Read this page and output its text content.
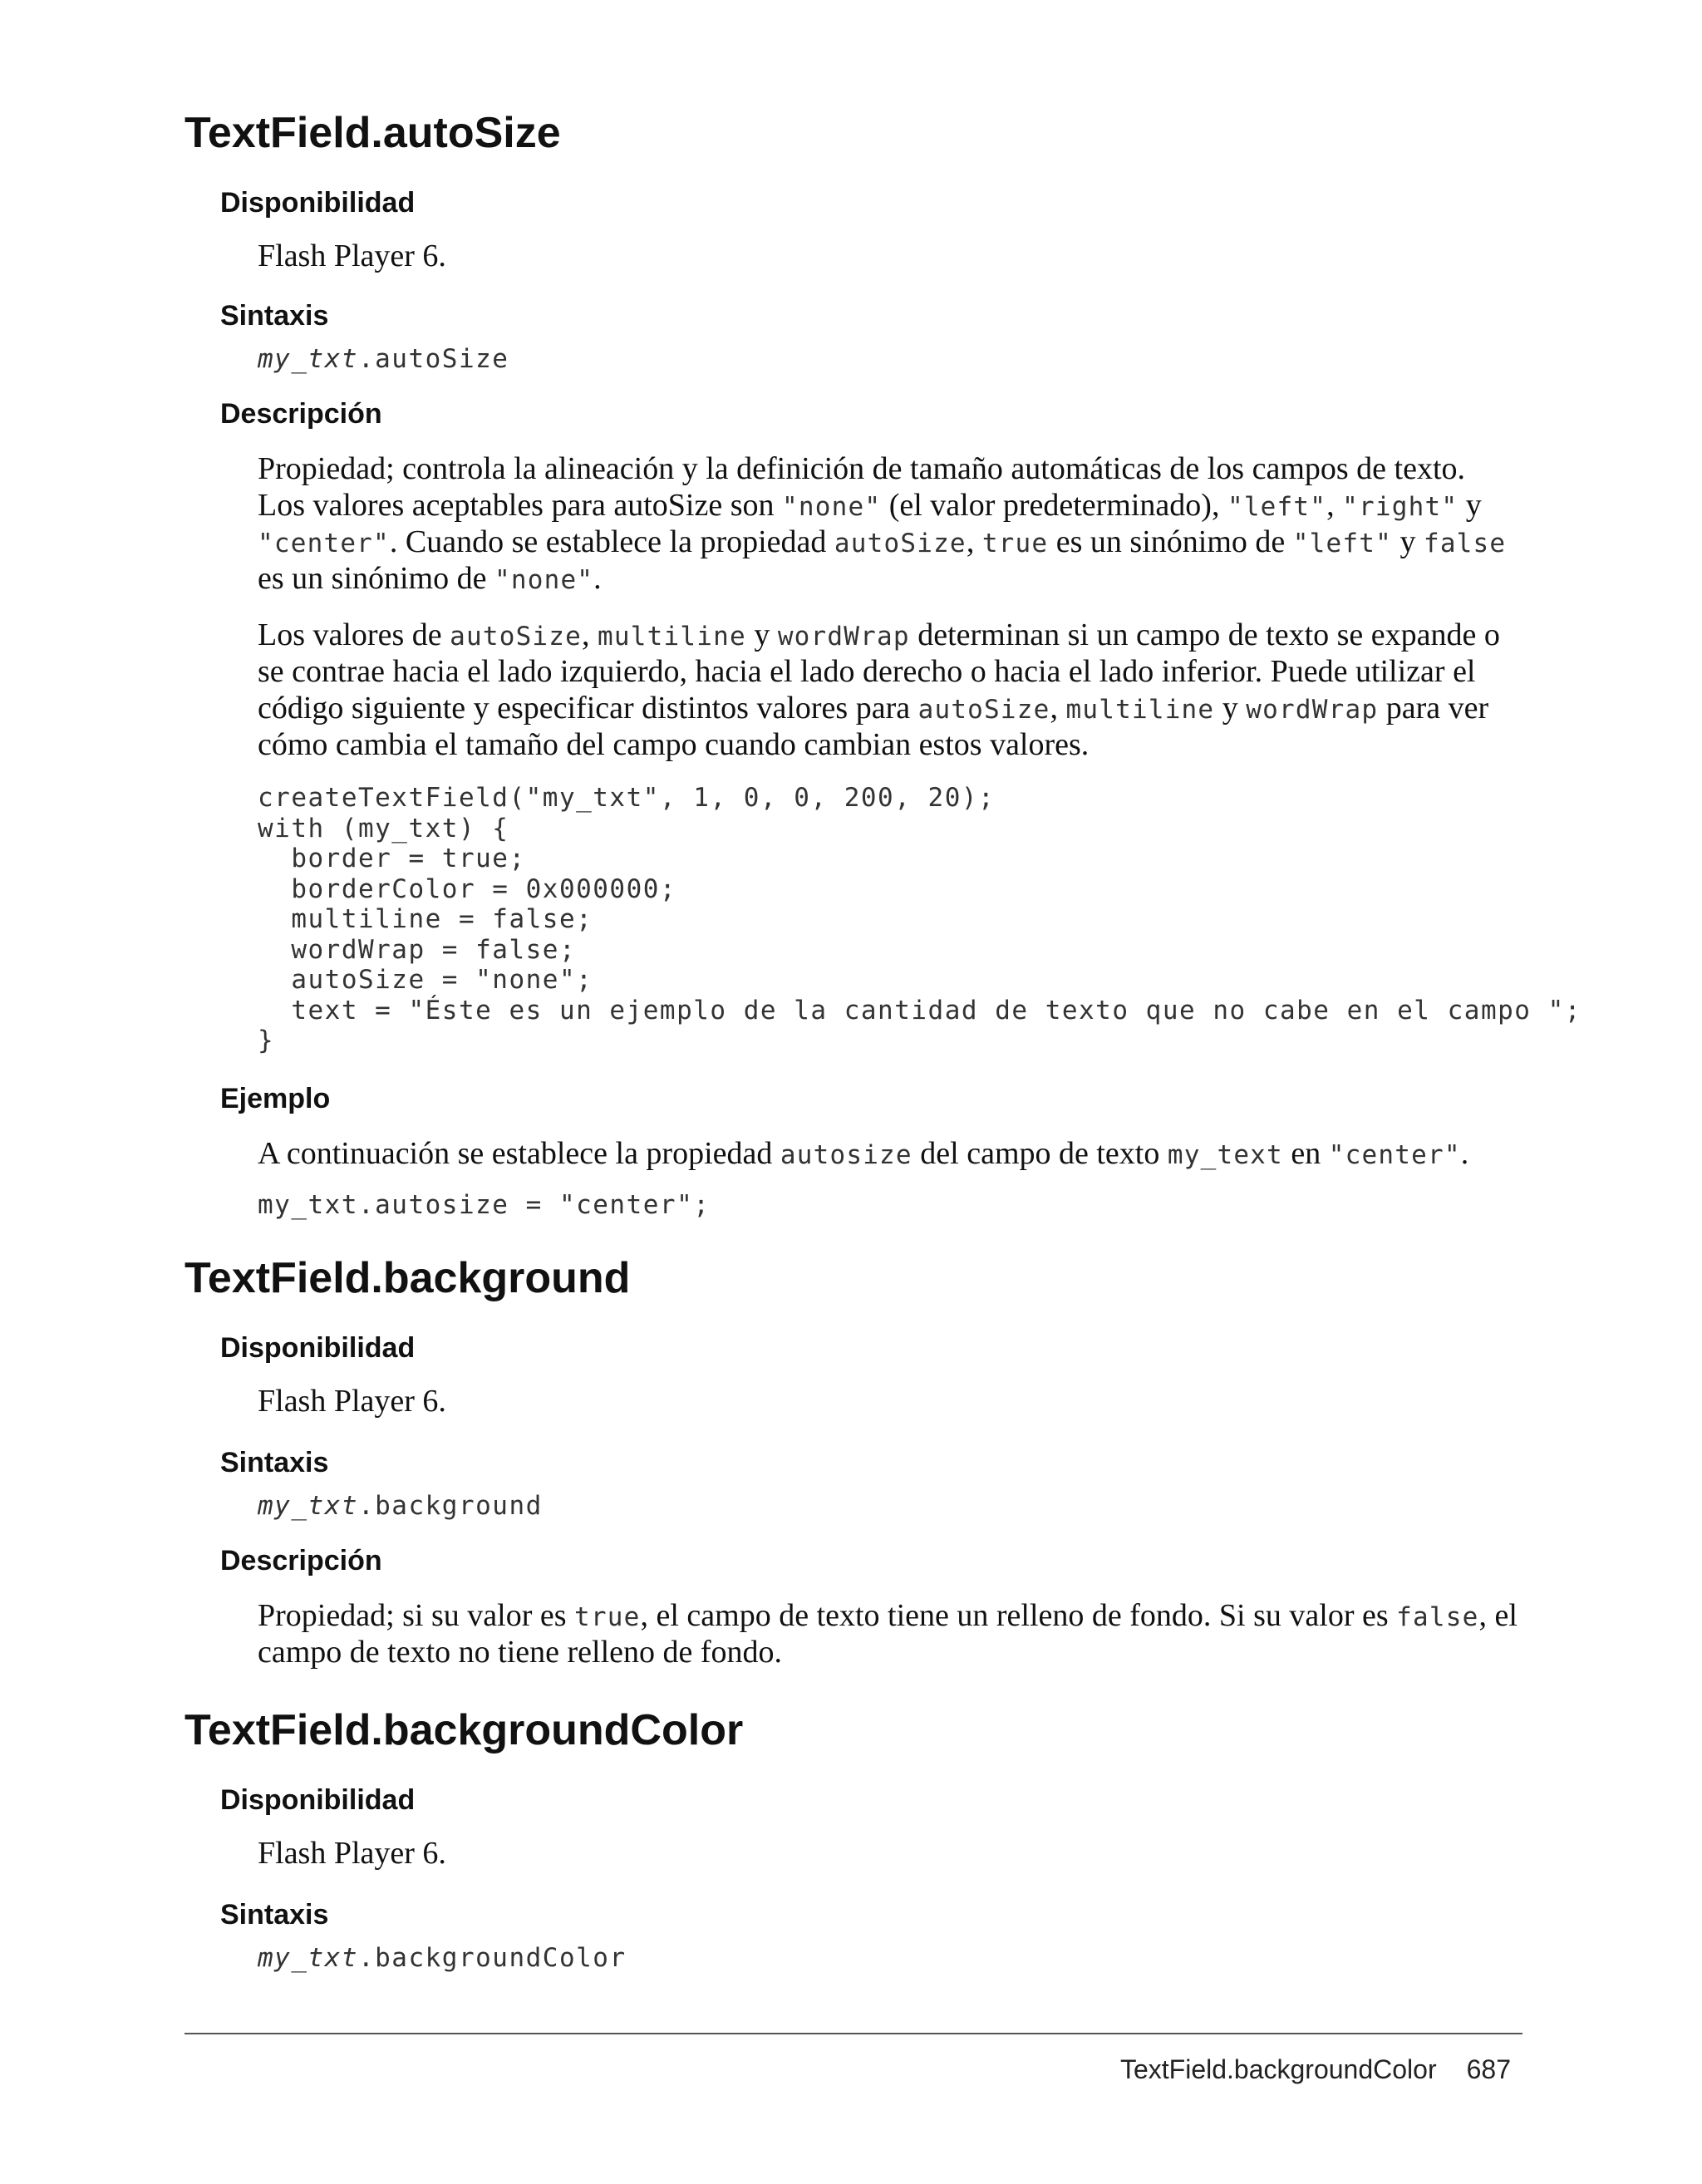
TextField.autoSize
Disponibilidad

Flash Player 6.

Sintaxis
my_txt.autoSize
Descripción

Propiedad; controla la alineación y la definición de tamaño automáticas de los campos de texto.
Los valores aceptables para autoSize son "none" (el valor predeterminado), "left", "right" y
"center". Cuando se establece la propiedad autoSize, true es un sinónimo de "left" y false
es un sinónimo de "none".

Los valores de autoSize, multiline y wordWrap determinan si un campo de texto se expande o
se contrae hacia el lado izquierdo, hacia el lado derecho o hacia el lado inferior. Puede utilizar el
código siguiente y especificar distintos valores para autoSize, multiline y wordWrap para ver
cómo cambia el tamaño del campo cuando cambian estos valores.

createTextField("my_txt", 1, 0, 0, 200, 20);
with (my_txt) {
border = true;
borderColor = 0x000000;
multiline = false;
wordWrap = false;
autoSize = "none";
text = "Éste es un ejemplo de la cantidad de texto que no cabe en el campo ";
}
Ejemplo

A continuación se establece la propiedad autosize del campo de texto my_text en "center".

my_txt.autosize = "center";
TextField.background
Disponibilidad

Flash Player 6.

Sintaxis
my_txt.background
Descripción

Propiedad; si su valor es true, el campo de texto tiene un relleno de fondo. Si su valor es false, el
campo de texto no tiene relleno de fondo.

TextField.backgroundColor
Disponibilidad

Flash Player 6.

Sintaxis
my_txt.backgroundColor
TextField.backgroundColor 687
